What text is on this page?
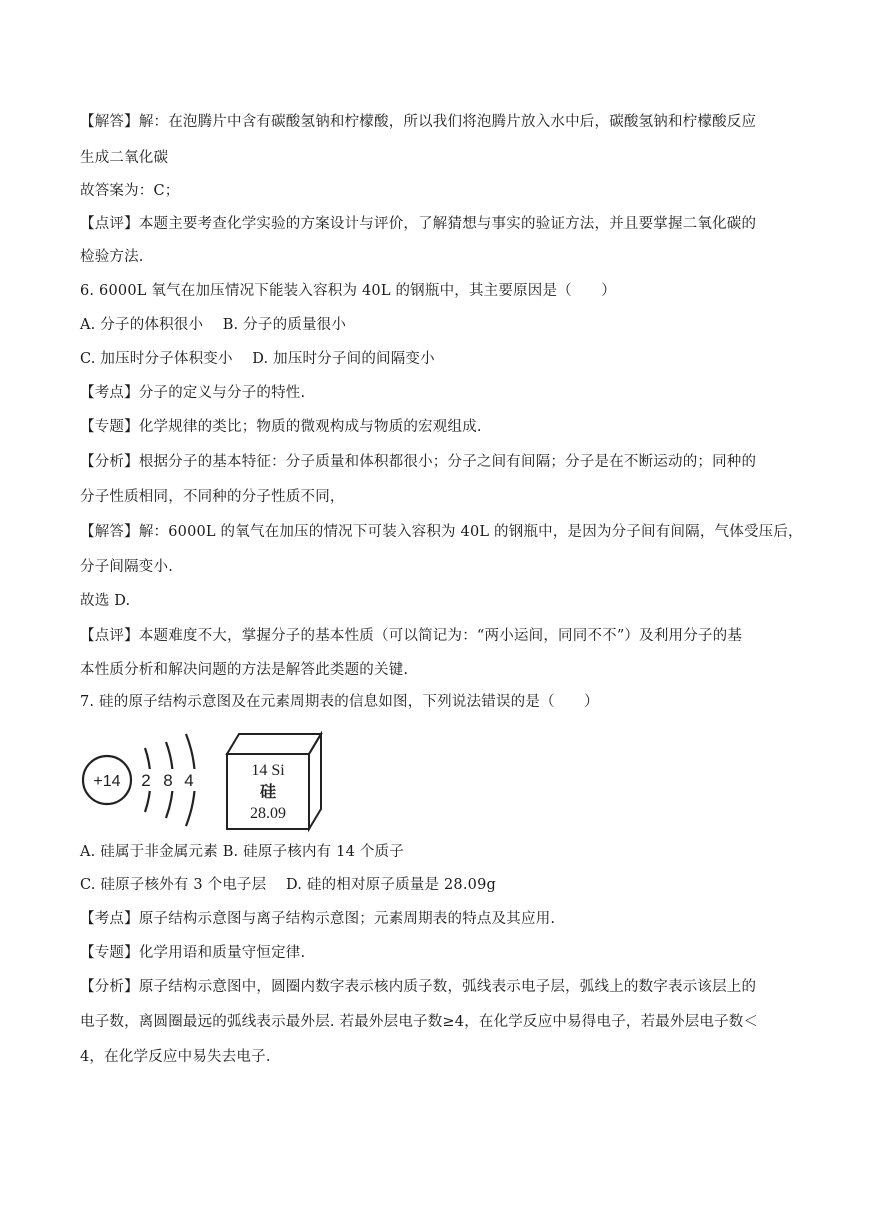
【解答】解：在泡腾片中含有碳酸氢钠和柠檬酸，所以我们将泡腾片放入水中后，碳酸氢钠和柠檬酸反应
生成二氧化碳
故答案为：C；
【点评】本题主要考查化学实验的方案设计与评价，了解猜想与事实的验证方法，并且要掌握二氧化碳的
检验方法.
6. 6000L 氧气在加压情况下能装入容积为 40L 的钢瓶中，其主要原因是（　　）
A. 分子的体积很小　 B. 分子的质量很小
C. 加压时分子体积变小　 D. 加压时分子间的间隔变小
【考点】分子的定义与分子的特性.
【专题】化学规律的类比；物质的微观构成与物质的宏观组成.
【分析】根据分子的基本特征：分子质量和体积都很小；分子之间有间隔；分子是在不断运动的；同种的
分子性质相同，不同种的分子性质不同，
【解答】解：6000L 的氧气在加压的情况下可装入容积为 40L 的钢瓶中，是因为分子间有间隔，气体受压后，
分子间隔变小.
故选 D.
【点评】本题难度不大，掌握分子的基本性质（可以简记为：“两小运间，同同不不”）及利用分子的基
本性质分析和解决问题的方法是解答此类题的关键.
7. 硅的原子结构示意图及在元素周期表的信息如图，下列说法错误的是（　　）
+14 2 8 4
14 Si
硅
28.09
A. 硅属于非金属元素 B. 硅原子核内有 14 个质子
C. 硅原子核外有 3 个电子层　 D. 硅的相对原子质量是 28.09g
【考点】原子结构示意图与离子结构示意图；元素周期表的特点及其应用.
【专题】化学用语和质量守恒定律.
【分析】原子结构示意图中，圆圈内数字表示核内质子数，弧线表示电子层，弧线上的数字表示该层上的
电子数，离圆圈最远的弧线表示最外层. 若最外层电子数≥4，在化学反应中易得电子，若最外层电子数＜
4，在化学反应中易失去电子.
